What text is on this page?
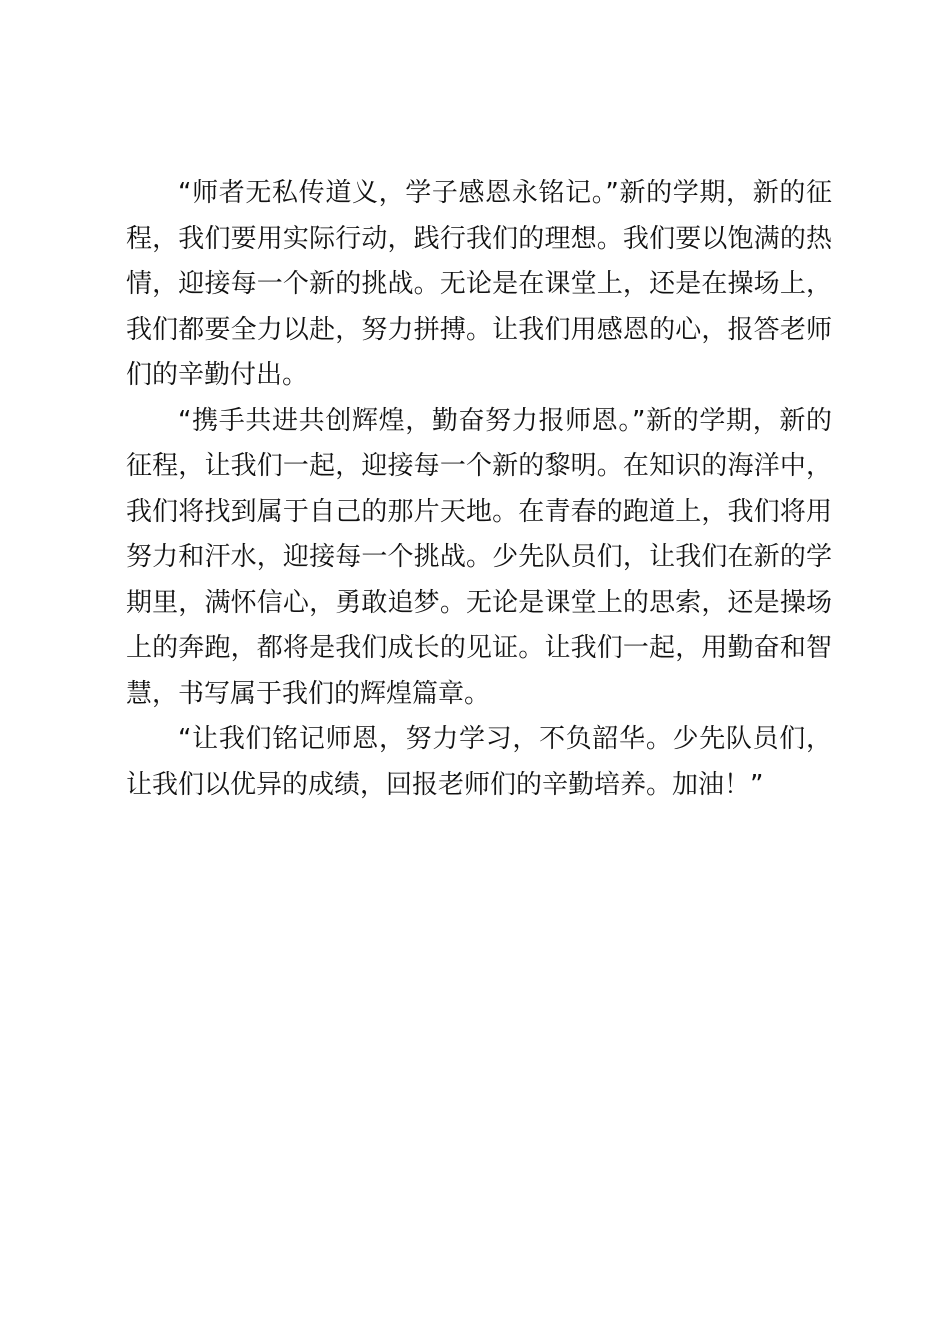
“师者无私传道义，学子感恩永铭记。”新的学期，新的征程，我们要用实际行动，践行我们的理想。我们要以饱满的热情，迎接每一个新的挑战。无论是在课堂上，还是在操场上，我们都要全力以赴，努力拼搏。让我们用感恩的心，报答老师们的辛勤付出。

“携手共进共创辉煌，勤奋努力报师恩。”新的学期，新的征程，让我们一起，迎接每一个新的黎明。在知识的海洋中，我们将找到属于自己的那片天地。在青春的跑道上，我们将用努力和汗水，迎接每一个挑战。少先队员们，让我们在新的学期里，满怀信心，勇敢追梦。无论是课堂上的思索，还是操场上的奔跑，都将是我们成长的见证。让我们一起，用勤奋和智慧，书写属于我们的辉煌篇章。

“让我们铭记师恩，努力学习，不负韶华。少先队员们，让我们以优异的成绩，回报老师们的辛勤培养。加油！”
